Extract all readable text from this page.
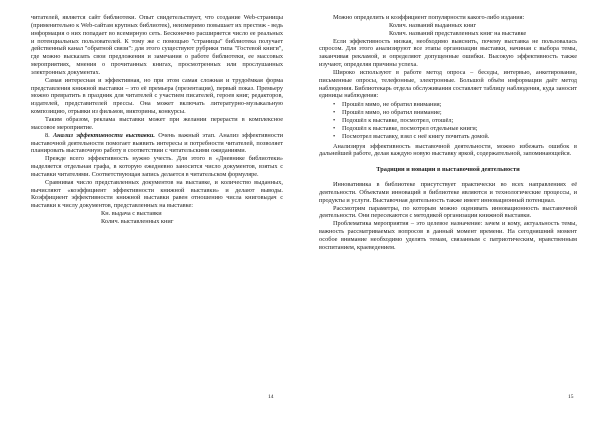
читателей, является сайт библиотеки. Опыт свидетельствует, что создание Web-страницы (применительно к Web-сайтам крупных библиотек), неизмеримо повышает их престиж - ведь информация о них попадает во всемирную сеть. Бесконечно расширяется число ее реальных и потенциальных пользователей. К тому же с помощью "страницы" библиотека получает действенный канал "обратной связи": для этого существуют рубрики типа "Гостевой книги", где можно высказать свои предложения и замечания о работе библиотеки, ее массовых мероприятиях, мнения о прочитанных книгах, просмотренных или прослушанных электронных документах.

Самая интересная и эффективная, но при этом самая сложная и трудоёмкая форма представления книжной выставки – это её премьера (презентация), первый показ. Премьеру можно превратить в праздник для читателей с участием писателей, героев книг, редакторов, издателей, представителей прессы. Она может включать литературно-музыкальную композицию, отрывки из фильмов, викторины, конкурсы.

Таким образом, реклама выставки может при желании перерасти в комплексное массовое мероприятие.

8. Анализ эффективности выставки. Очень важный этап. Анализ эффективности выставочной деятельности помогает выявить интересы и потребности читателей, позволяет планировать выставочную работу в соответствии с читательскими ожиданиями.

Прежде всего эффективность нужно учесть. Для этого в «Дневнике библиотеки» выделяется отдельная графа, в которую ежедневно заносится число документов, взятых с выставки читателями. Соответствующая запись делается в читательском формуляре.

Сравнивая число представленных документов на выставке, и количество выданных, вычисляют «коэффициент эффективности книжной выставки» и делают выводы. Коэффициент эффективности книжной выставки равен отношению числа книговыдач с выставки к числу документов, представленных на выставке:

Кн. выдача с выставки

Колич. выставленных книг

14

Можно определить и коэффициент популярности какого-либо издания:

Колич. названий выданных книг

Колич. названий представленных книг на выставке

Если эффективность низкая, необходимо выяснить, почему выставка не пользовалась спросом. Для этого анализируют все этапы организации выставки, начиная с выбора темы, заканчивая рекламой, и определяют допущенные ошибки. Высокую эффективность также изучают, определяя причины успеха.

Широко используют в работе метод опроса – беседы, интервью, анкетирование, письменные опросы, телефонные, электронные. Большой объём информации даёт метод наблюдения. Библиотекарь отдела обслуживания составляет таблицу наблюдения, куда заносит единицы наблюдения:

• Прошёл мимо, не обратил внимания;
• Прошёл мимо, но обратил внимание;
• Подошёл к выставке, посмотрел, отошёл;
• Подошёл к выставке, посмотрел отдельные книги;
• Посмотрел выставку, взял с неё книгу почитать домой.

Анализируя эффективность выставочной деятельности, можно избежать ошибок в дальнейшей работе, делая каждую новую выставку яркой, содержательной, запоминающейся.

Традиции и новации в выставочной деятельности

Инновативика в библиотеке присутствует практически во всех направлениях её деятельности. Объектами инноваций в библиотеке являются и технологические процессы, и продукты и услуги. Выставочная деятельность также имеет инновационный потенциал.

Рассмотрим параметры, по которым можно оценивать инновационность выставочной деятельности. Они пересекаются с методикой организации книжной выставки.

Проблематика мероприятия – это целевое назначение: зачем и кому, актуальность темы, важность рассматриваемых вопросов в данный момент времени. На сегодняшний момент особое внимание необходимо уделять темам, связанным с патриотическим, нравственным воспитанием, краеведением.

15
